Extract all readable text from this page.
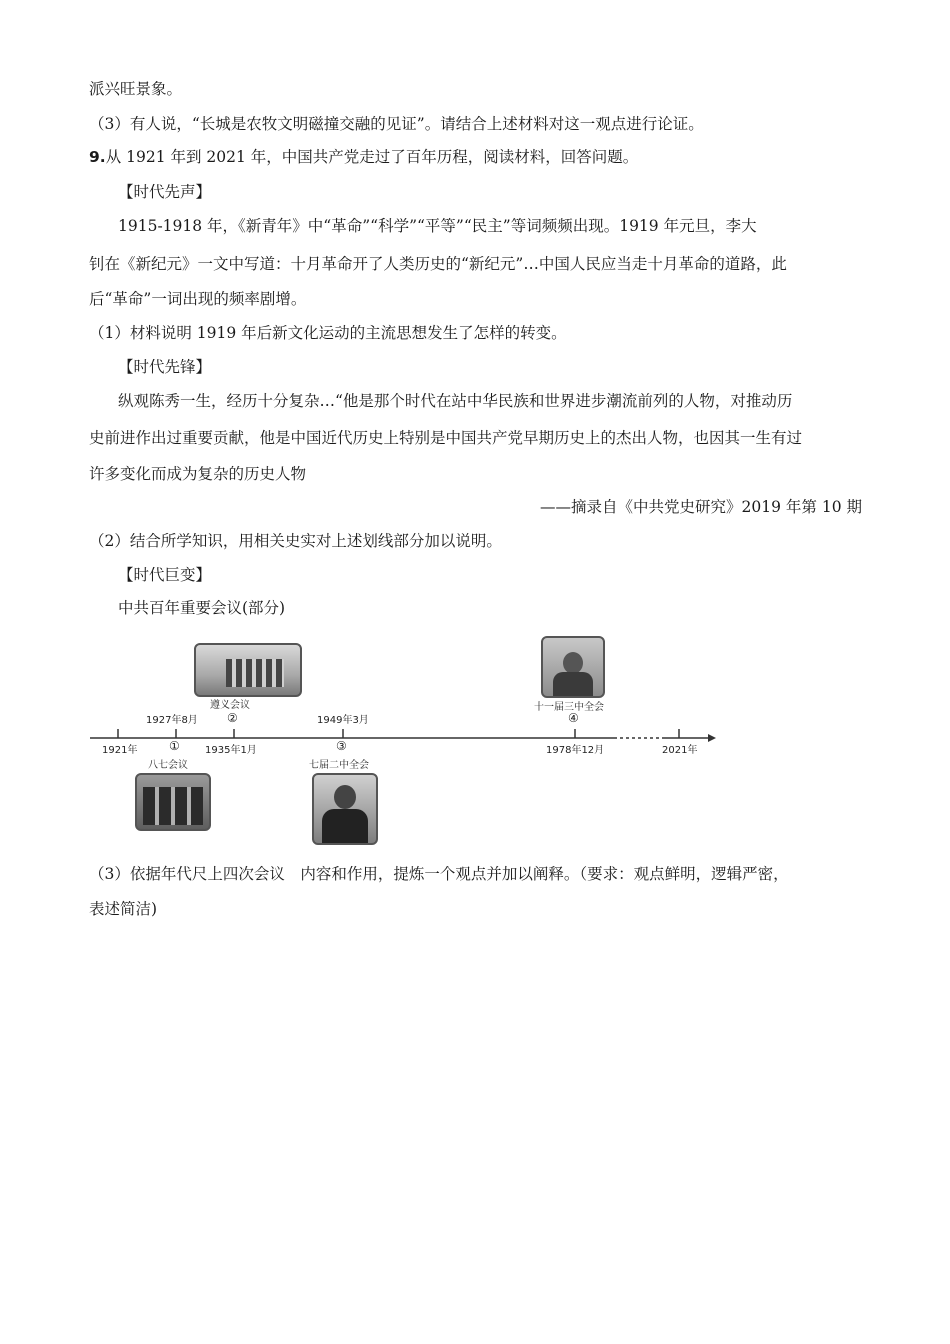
派兴旺景象。
（3）有人说，“长城是农牧文明磁撞交融的见证”。请结合上述材料对这一观点进行论证。
9.从 1921 年到 2021 年，中国共产党走过了百年历程，阅读材料，回答问题。
【时代先声】
1915-1918 年，《新青年》中“革命”“科学”“平等”“民主”等词频频出现。1919 年元旦，李大
钊在《新纪元》一文中写道：十月革命开了人类历史的“新纪元”…中国人民应当走十月革命的道路，此
后“革命”一词出现的频率剧增。
（1）材料说明 1919 年后新文化运动的主流思想发生了怎样的转变。
【时代先锋】
纵观陈秀一生，经历十分复杂…“他是那个时代在站中华民族和世界进步潮流前列的人物，对推动历
史前进作出过重要贡献，他是中国近代历史上特别是中国共产党早期历史上的杰出人物，也因其一生有过
许多变化而成为复杂的历史人物
——摘录自《中共党史研究》2019 年第 10 期
（2）结合所学知识，用相关史实对上述划线部分加以说明。
【时代巨变】
中共百年重要会议(部分)
遵义会议
1927年8月 ②	1949年3月
十一届三中全会
④
1921年	①	1935年1月	③	1978年12月	2021年
八七会议	七届二中全会
（3）依据年代尺上四次会议　内容和作用，提炼一个观点并加以阐释。（要求：观点鲜明，逻辑严密，
表述简洁)
